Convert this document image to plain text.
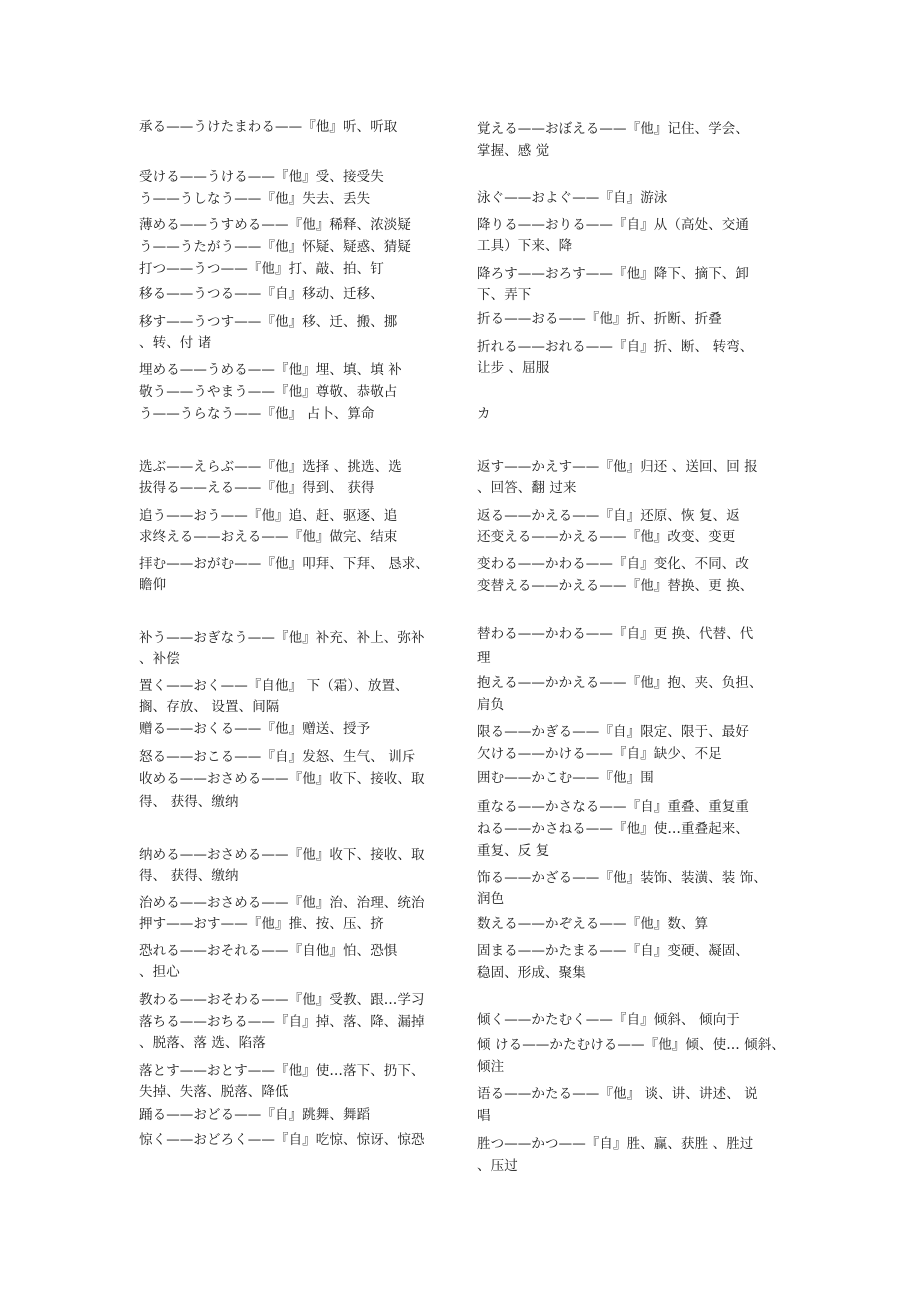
承る——うけたまわる——『他』听、听取
受ける——うける——『他』受、接受失
う——うしなう——『他』失去、丢失
薄める——うすめる——『他』稀释、浓淡疑
う——うたがう——『他』怀疑、疑惑、猜疑
打つ——うつ——『他』打、敲、拍、钉
移る——うつる——『自』移动、迁移、
移す——うつす——『他』移、迁、搬、挪
、转、付 诸
埋める——うめる——『他』埋、填、填 补
敬う——うやまう——『他』尊敬、恭敬占
う——うらなう——『他』 占卜、算命
选ぶ——えらぶ——『他』选择 、挑选、选
拔得る——える——『他』得到、 获得
追う——おう——『他』追、赶、驱逐、追
求终える——おえる——『他』做完、结束
拝む——おがむ——『他』叩拜、下拜、 恳求、
瞻仰
补う——おぎなう——『他』补充、补上、弥补
、补偿
置く——おく——『自他』 下（霜）、放置、
搁、存放、 设置、间隔
赠る——おくる——『他』赠送、授予
怒る——おこる——『自』发怒、生气、 训斥
收める——おさめる——『他』收下、接收、取
得、 获得、缴纳
纳める——おさめる——『他』收下、接收、取
得、 获得、缴纳
治める——おさめる——『他』治、治理、统治
押す——おす——『他』推、按、压、挤
恐れる——おそれる——『自他』怕、恐惧
、担心
教わる——おそわる——『他』受教、跟…学习
落ちる——おちる——『自』掉、落、降、漏掉
、脱落、落 选、陷落
落とす——おとす——『他』使…落下、扔下、
失掉、失落、脱落、降低
踊る——おどる——『自』跳舞、舞蹈
惊く——おどろく——『自』吃惊、惊讶、惊恐
覚える——おぼえる——『他』记住、学会、
掌握、感 觉
泳ぐ——およぐ——『自』游泳
降りる——おりる——『自』从（高处、交通
工具）下来、降
降ろす——おろす——『他』降下、摘下、卸
下、弄下
折る——おる——『他』折、折断、折叠
折れる——おれる——『自』折、断、 转弯、
让步 、屈服
カ
返す——かえす——『他』归还 、送回、回 报
、回答、翻 过来
返る——かえる——『自』还原、恢 复、返
还变える——かえる——『他』改变、变更
变わる——かわる——『自』变化、不同、改
变替える——かえる——『他』替换、更 换、
替わる——かわる——『自』更 换、代替、代
理
抱える——かかえる——『他』抱、夹、负担、
肩负
限る——かぎる——『自』限定、限于、最好
欠ける——かける——『自』缺少、不足
囲む——かこむ——『他』围
重なる——かさなる——『自』重叠、重复重
ねる——かさねる——『他』使…重叠起来、
重复、反 复
饰る——かざる——『他』装饰、装潢、装 饰、
润色
数える——かぞえる——『他』数、算
固まる——かたまる——『自』变硬、凝固、
稳固、形成、聚集
倾く——かたむく——『自』倾斜、 倾向于
倾 ける——かたむける——『他』倾、使… 倾斜、
倾注
语る——かたる——『他』 谈、讲、讲述、 说
唱
胜つ——かつ——『自』胜、赢、获胜 、胜过
、压过
